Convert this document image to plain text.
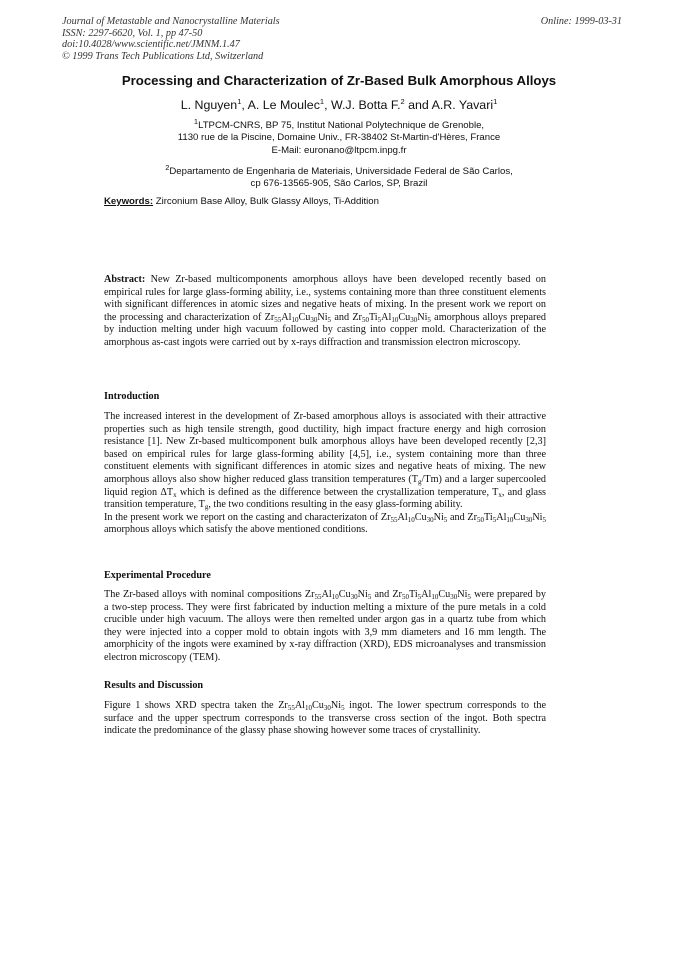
Journal of Metastable and Nanocrystalline Materials
ISSN: 2297-6620, Vol. 1, pp 47-50
doi:10.4028/www.scientific.net/JMNM.1.47
© 1999 Trans Tech Publications Ltd, Switzerland
Online: 1999-03-31
Processing and Characterization of Zr-Based Bulk Amorphous Alloys
L. Nguyen$^1$, A. Le Moulec$^1$, W.J. Botta F.$^2$ and A.R. Yavari$^1$
$^1$LTPCM-CNRS, BP 75, Institut National Polytechnique de Grenoble,
1130 rue de la Piscine, Domaine Univ., FR-38402 St-Martin-d'Hères, France
E-Mail: euronano@ltpcm.inpg.fr
$^2$Departamento de Engenharia de Materiais, Universidade Federal de São Carlos,
cp 676-13565-905, São Carlos, SP, Brazil
Keywords: Zirconium Base Alloy, Bulk Glassy Alloys, Ti-Addition
Abstract: New Zr-based multicomponents amorphous alloys have been developed recently based on empirical rules for large glass-forming ability, i.e., systems containing more than three constituent elements with significant differences in atomic sizes and negative heats of mixing. In the present work we report on the processing and characterization of $Zr_{55}Al_{10}Cu_{30}Ni_5$ and $Zr_{50}Ti_5Al_{10}Cu_{30}Ni_5$ amorphous alloys prepared by induction melting under high vacuum followed by casting into copper mold. Characterization of the amorphous as-cast ingots were carried out by x-rays diffraction and transmission electron microscopy.
Introduction
The increased interest in the development of Zr-based amorphous alloys is associated with their attractive properties such as high tensile strength, good ductility, high impact fracture energy and high corrosion resistance [1]. New Zr-based multicomponent bulk amorphous alloys have been developed recently [2,3] based on empirical rules for large glass-forming ability [4,5], i.e., system containing more than three constituent elements with significant differences in atomic sizes and negative heats of mixing. The new amorphous alloys also show higher reduced glass transition temperatures $(T_g/Tm)$ and a larger supercooled liquid region $\Delta T_x$ which is defined as the difference between the crystallization temperature, $T_x$, and glass transition temperature, $T_g$, the two conditions resulting in the easy glass-forming ability.
In the present work we report on the casting and characterizaton of $Zr_{55}Al_{10}Cu_{30}Ni_5$ and $Zr_{50}Ti_5Al_{10}Cu_{30}Ni_5$ amorphous alloys which satisfy the above mentioned conditions.
Experimental Procedure
The Zr-based alloys with nominal compositions $Zr_{55}Al_{10}Cu_{30}Ni_5$ and $Zr_{50}Ti_5Al_{10}Cu_{30}Ni_5$ were prepared by a two-step process. They were first fabricated by induction melting a mixture of the pure metals in a cold crucible under high vacuum. The alloys were then remelted under argon gas in a quartz tube from which they were injected into a copper mold to obtain ingots with 3,9 mm diameters and 16 mm length. The amorphicity of the ingots were examined by x-ray diffraction (XRD), EDS microanalyses and transmission electron microscopy (TEM).
Results and Discussion
Figure 1 shows XRD spectra taken the $Zr_{55}Al_{10}Cu_{30}Ni_5$ ingot. The lower spectrum corresponds to the surface and the upper spectrum corresponds to the transverse cross section of the ingot. Both spectra indicate the predominance of the glassy phase showing however some traces of crystallinity.
